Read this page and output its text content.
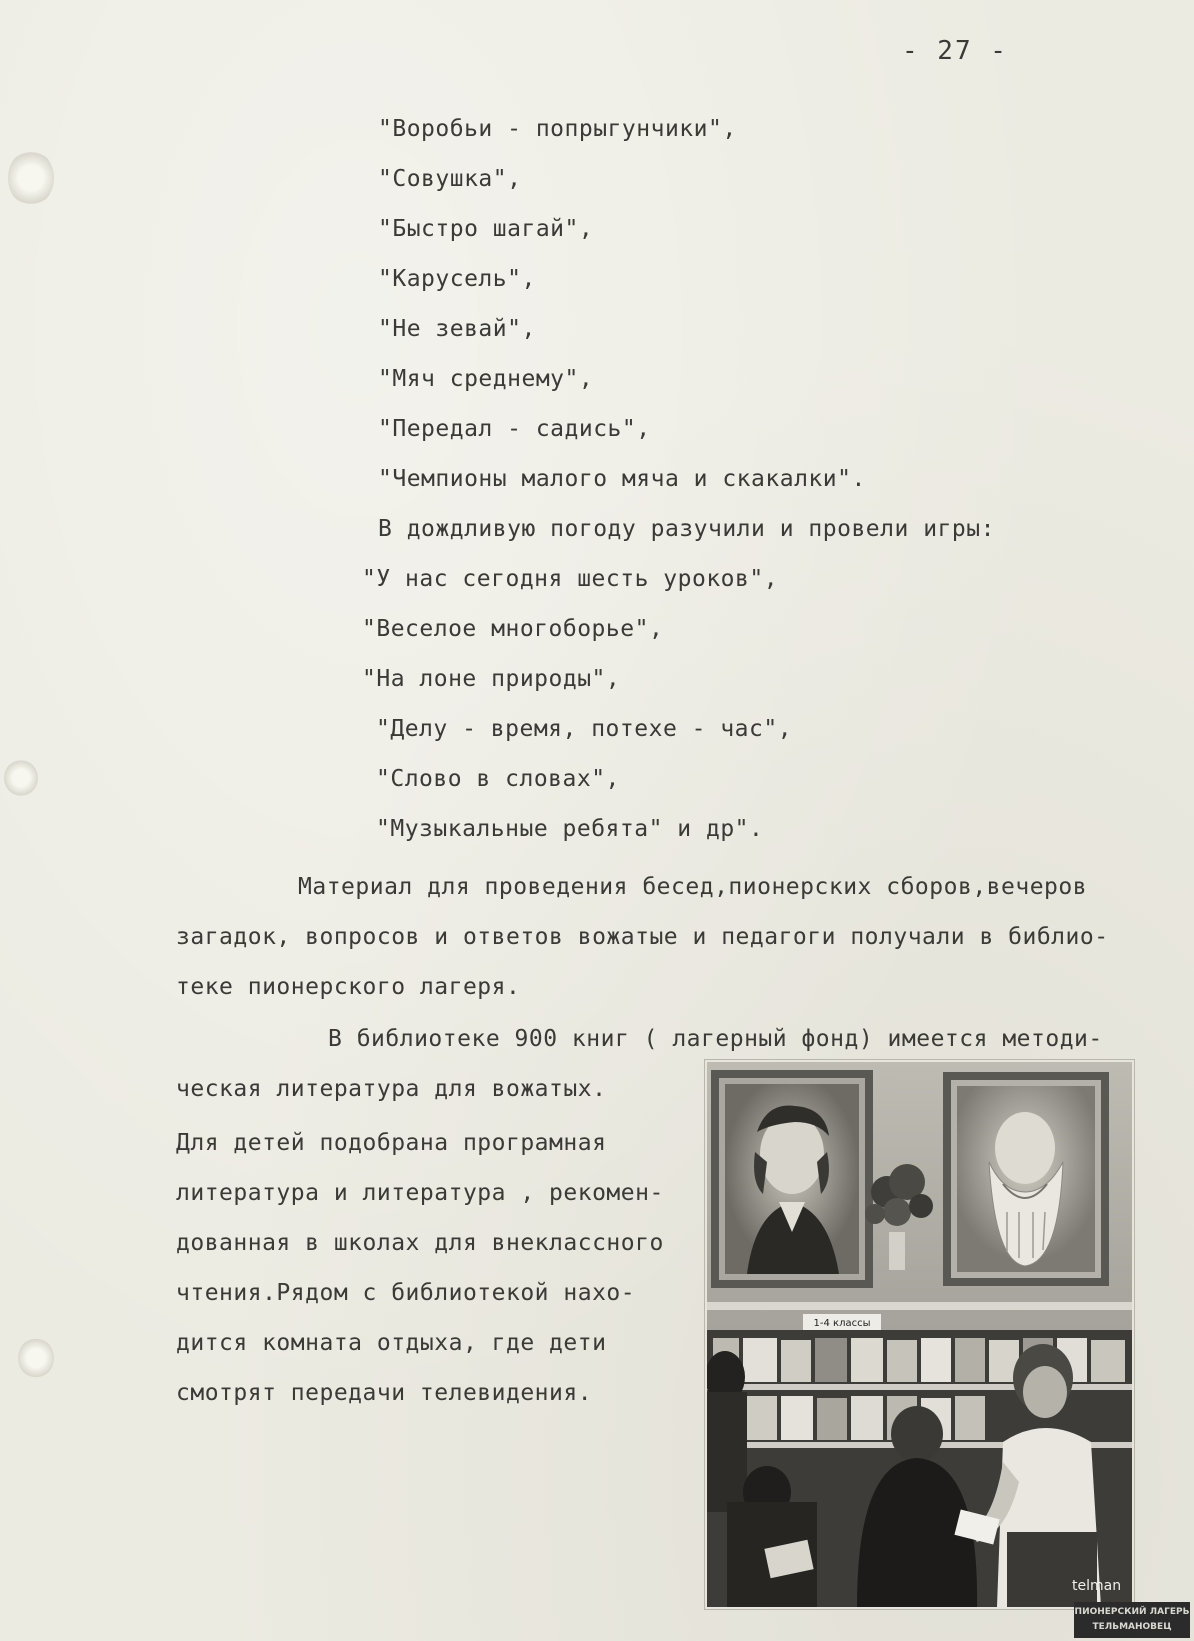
- 27 -
"Воробьи - попрыгунчики",
"Совушка",
"Быстро шагай",
"Карусель",
"Не зевай",
"Мяч среднему",
"Передал - садись",
"Чемпионы малого мяча и скакалки".
В дождливую погоду разучили и провели игры:
"У нас сегодня шесть уроков",
"Веселое многоборье",
"На лоне природы",
"Делу - время, потехе - час",
"Слово в словах",
"Музыкальные ребята" и др".
Материал для проведения бесед,пионерских сборов,вечеров
загадок, вопросов и ответов вожатые и педагоги получали в библио-
теке пионерского лагеря.
В библиотеке 900 книг ( лагерный фонд) имеется методи-
ческая литература для вожатых.
Для детей подобрана програмная
литература и литература , рекомен-
дованная в школах для внеклассного
чтения.Рядом с библиотекой нахо-
дится комната отдыха, где дети
смотрят передачи телевидения.
1-4 классы
telman
ПИОНЕРСКИЙ ЛАГЕРЬ
ТЕЛЬМАНОВЕЦ
